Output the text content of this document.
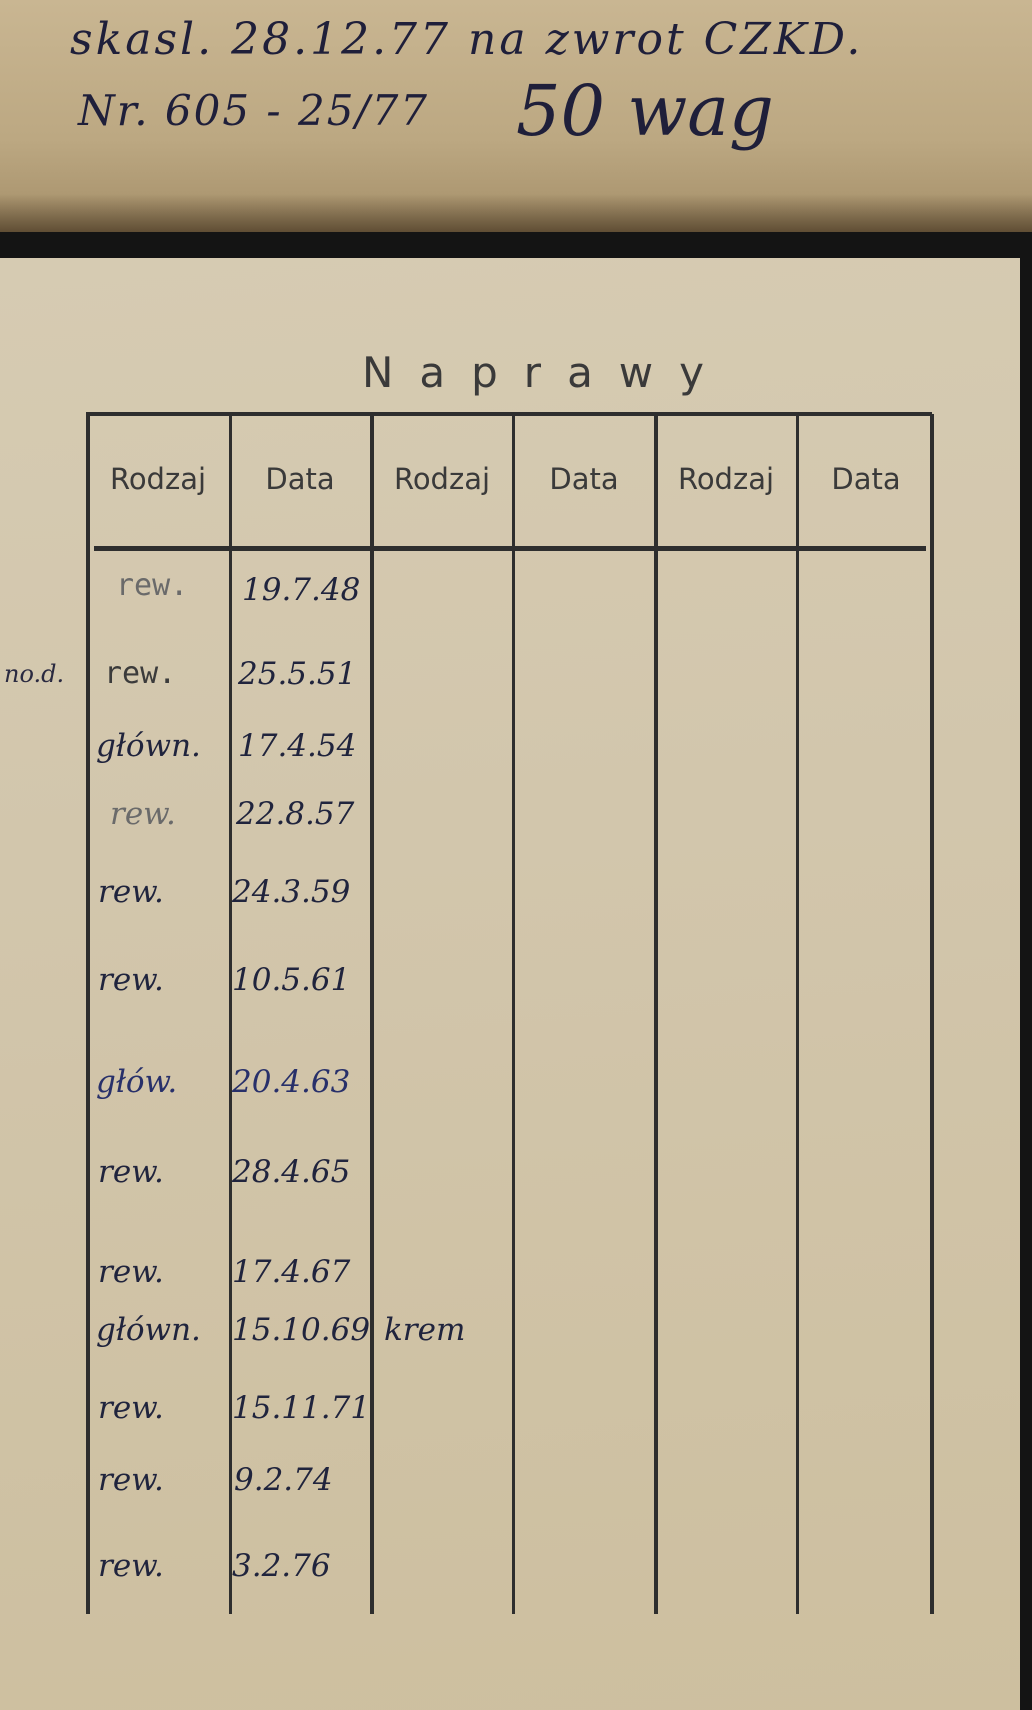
skasl. 28.12.77 na zwrot CZKD.
Nr. 605 - 25/77 50 wag
Naprawy
Rodzaj	Data	Rodzaj	Data	Rodzaj	Data
no.d.
rew. 19.7.48
rew. 25.5.51
główn. 17.4.54
rew. 22.8.57
rew. 24.3.59
rew. 10.5.61
głów. 20.4.63
rew. 28.4.65
rew. 17.4.67
główn. 15.10.69 krem
rew. 15.11.71
rew. 9.2.74
rew. 3.2.76
